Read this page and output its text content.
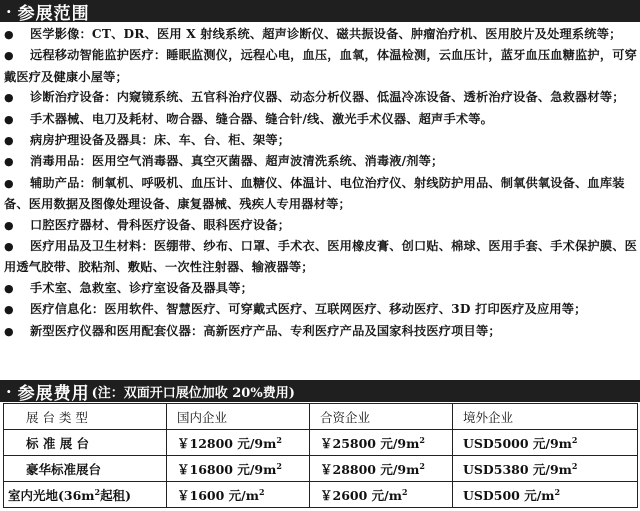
· 参展范围
● 医学影像：CT、DR、医用 X 射线系统、超声诊断仪、磁共振设备、肿瘤治疗机、医用胶片及处理系统等；
● 远程移动智能监护医疗：睡眠监测仪，远程心电，血压，血氧，体温检测，云血压计，蓝牙血压血糖监护，可穿戴医疗及健康小屋等；
● 诊断治疗设备：内窥镜系统、五官科治疗仪器、动态分析仪器、低温冷冻设备、透析治疗设备、急救器材等；
● 手术器械、电刀及耗材、吻合器、缝合器、缝合针/线、激光手术仪器、超声手术等。
● 病房护理设备及器具：床、车、台、柜、架等；
● 消毒用品：医用空气消毒器、真空灭菌器、超声波清洗系统、消毒液/剂等；
● 辅助产品：制氧机、呼吸机、血压计、血糖仪、体温计、电位治疗仪、射线防护用品、制氧供氧设备、血库装备、医用数据及图像处理设备、康复器械、残疾人专用器材等；
● 口腔医疗器材、骨科医疗设备、眼科医疗设备；
● 医疗用品及卫生材料：医绷带、纱布、口罩、手术衣、医用橡皮膏、创口贴、棉球、医用手套、手术保护膜、医用透气胶带、胶粘剂、敷贴、一次性注射器、输液器等；
● 手术室、急救室、诊疗室设备及器具等；
● 医疗信息化：医用软件、智慧医疗、可穿戴式医疗、互联网医疗、移动医疗、3D 打印医疗及应用等；
● 新型医疗仪器和医用配套仪器：高新医疗产品、专利医疗产品及国家科技医疗项目等；
· 参展费用 (注：双面开口展位加收 20%费用)
展 台 类 型	国内企业	合资企业	境外企业
标 准 展 台	￥12800 元$/9m^2$	￥25800 元$/9m^2$	USD5000 元$/9m^2$
豪华标准展台	￥16800 元$/9m^2$	￥28800 元$/9m^2$	USD5380 元$/9m^2$
室内光地($36m^2$起租)	￥1600 元$/m^2$	￥2600 元$/m^2$	USD500 元$/m^2$
